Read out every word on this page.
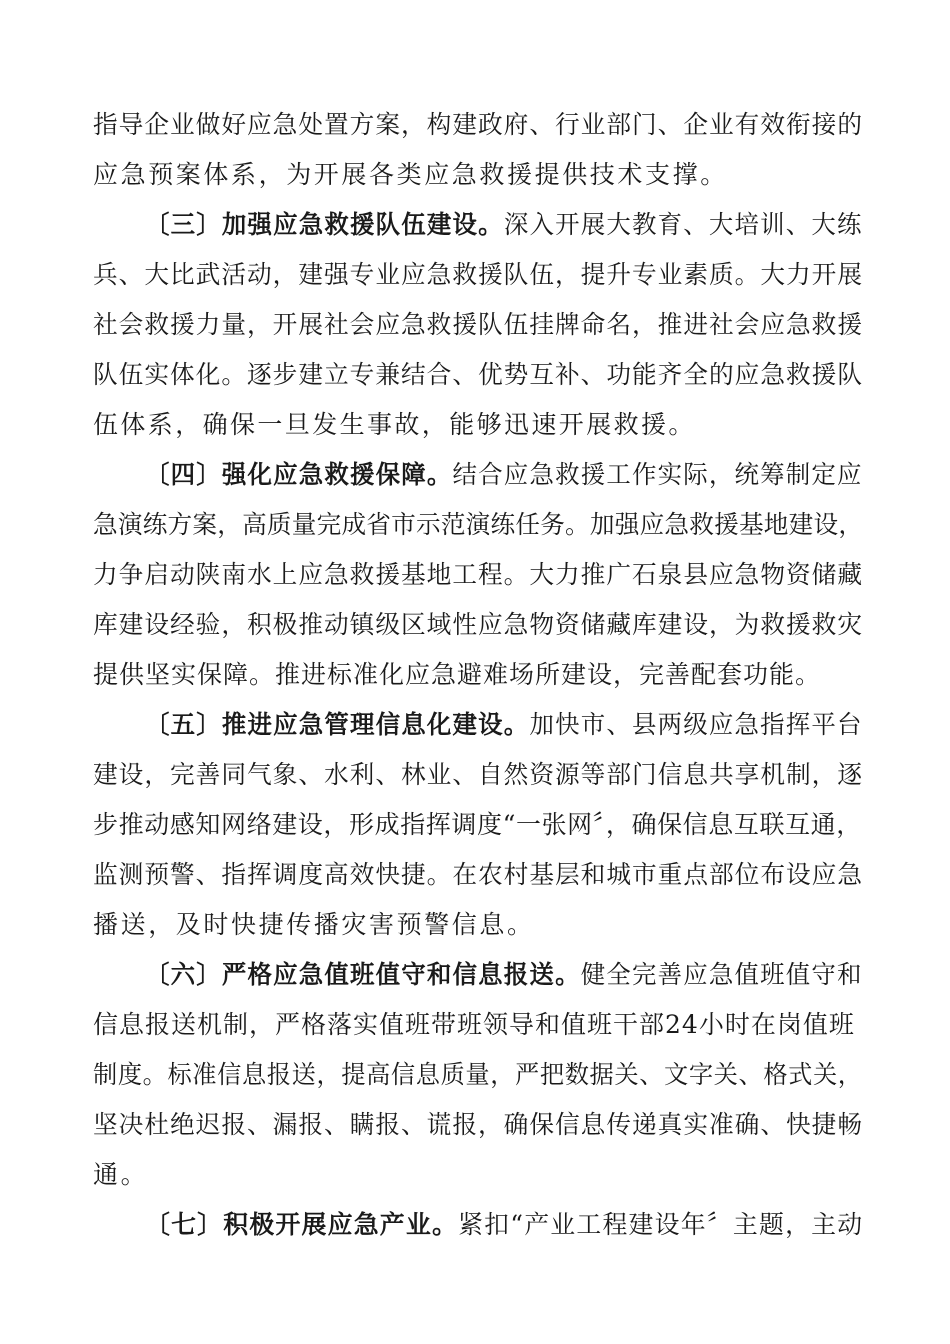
指导企业做好应急处置方案，构建政府、行业部门、企业有效衔接的
应急预案体系，为开展各类应急救援提供技术支撑。
〔三〕加强应急救援队伍建设。深入开展大教育、大培训、大练
兵、大比武活动，建强专业应急救援队伍，提升专业素质。大力开展
社会救援力量，开展社会应急救援队伍挂牌命名，推进社会应急救援
队伍实体化。逐步建立专兼结合、优势互补、功能齐全的应急救援队
伍体系，确保一旦发生事故，能够迅速开展救援。
〔四〕强化应急救援保障。结合应急救援工作实际，统筹制定应
急演练方案，高质量完成省市示范演练任务。加强应急救援基地建设，
力争启动陕南水上应急救援基地工程。大力推广石泉县应急物资储藏
库建设经验，积极推动镇级区域性应急物资储藏库建设，为救援救灾
提供坚实保障。推进标准化应急避难场所建设，完善配套功能。
〔五〕推进应急管理信息化建设。加快市、县两级应急指挥平台
建设，完善同气象、水利、林业、自然资源等部门信息共享机制，逐
步推动感知网络建设，形成指挥调度“一张网〞，确保信息互联互通，
监测预警、指挥调度高效快捷。在农村基层和城市重点部位布设应急
播送，及时快捷传播灾害预警信息。
〔六〕严格应急值班值守和信息报送。健全完善应急值班值守和
信息报送机制，严格落实值班带班领导和值班干部24小时在岗值班
制度。标准信息报送，提高信息质量，严把数据关、文字关、格式关，
坚决杜绝迟报、漏报、瞒报、谎报，确保信息传递真实准确、快捷畅
通。
〔七〕积极开展应急产业。紧扣“产业工程建设年〞主题，主动
